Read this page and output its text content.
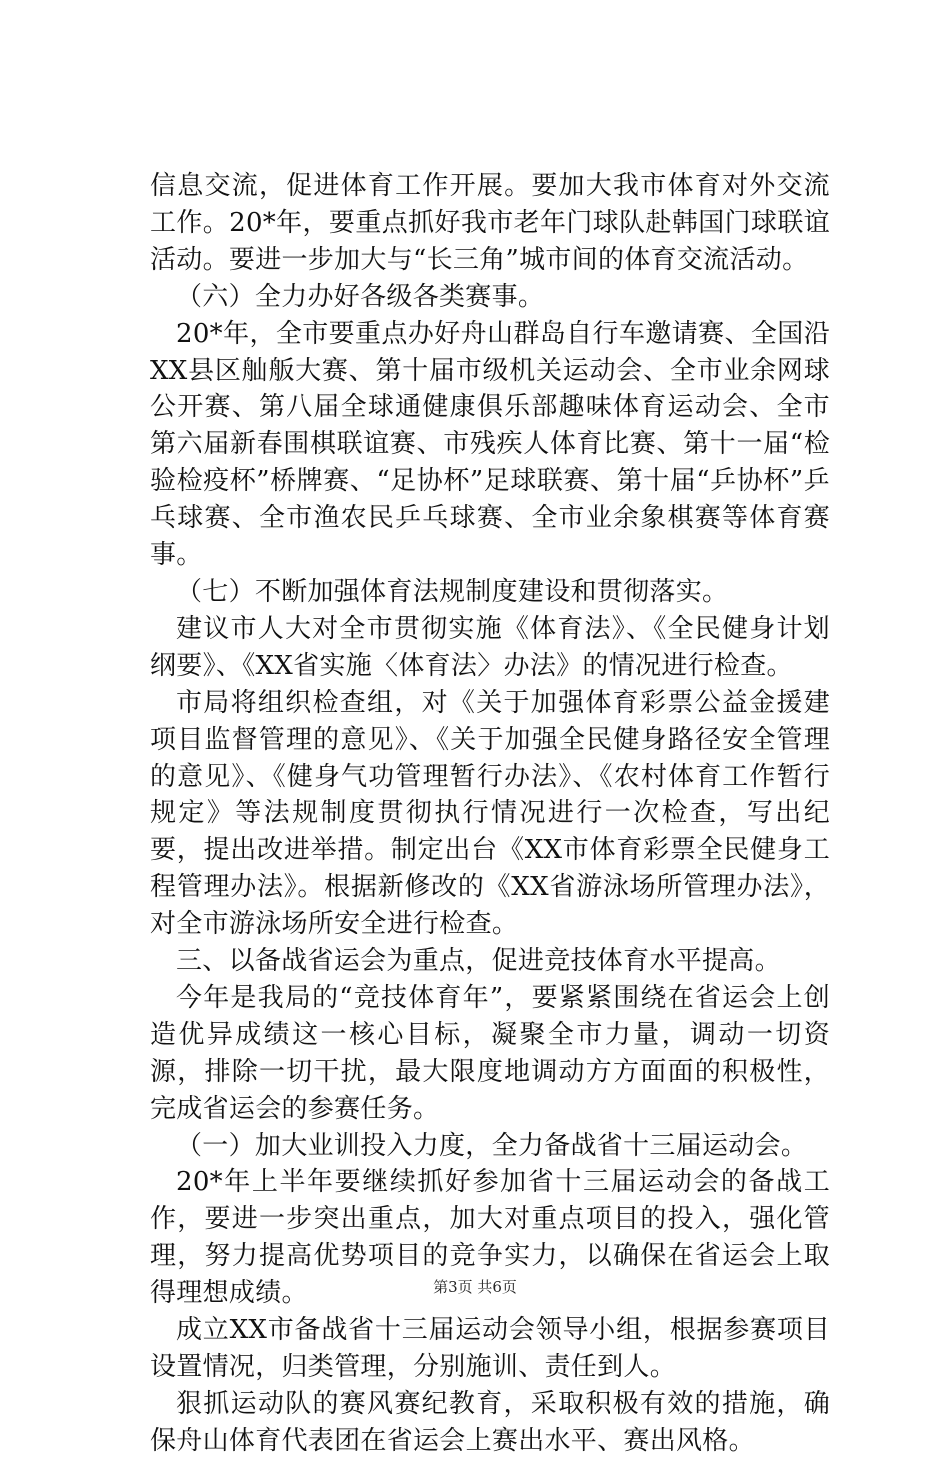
信息交流，促进体育工作开展。要加大我市体育对外交流工作。20*年，要重点抓好我市老年门球队赴韩国门球联谊活动。要进一步加大与“长三角”城市间的体育交流活动。

（六）全力办好各级各类赛事。

20*年，全市要重点办好舟山群岛自行车邀请赛、全国沿XX县区舢舨大赛、第十届市级机关运动会、全市业余网球公开赛、第八届全球通健康俱乐部趣味体育运动会、全市第六届新春围棋联谊赛、市残疾人体育比赛、第十一届“检验检疫杯”桥牌赛、“足协杯”足球联赛、第十届“乒协杯”乒乓球赛、全市渔农民乒乓球赛、全市业余象棋赛等体育赛事。

（七）不断加强体育法规制度建设和贯彻落实。

建议市人大对全市贯彻实施《体育法》、《全民健身计划纲要》、《XX省实施〈体育法〉办法》的情况进行检查。

市局将组织检查组，对《关于加强体育彩票公益金援建项目监督管理的意见》、《关于加强全民健身路径安全管理的意见》、《健身气功管理暂行办法》、《农村体育工作暂行规定》等法规制度贯彻执行情况进行一次检查，写出纪要，提出改进举措。制定出台《XX市体育彩票全民健身工程管理办法》。根据新修改的《XX省游泳场所管理办法》，对全市游泳场所安全进行检查。

三、以备战省运会为重点，促进竞技体育水平提高。

今年是我局的“竞技体育年”，要紧紧围绕在省运会上创造优异成绩这一核心目标，凝聚全市力量，调动一切资源，排除一切干扰，最大限度地调动方方面面的积极性，完成省运会的参赛任务。

（一）加大业训投入力度，全力备战省十三届运动会。

20*年上半年要继续抓好参加省十三届运动会的备战工作，要进一步突出重点，加大对重点项目的投入，强化管理，努力提高优势项目的竞争实力，以确保在省运会上取得理想成绩。

成立XX市备战省十三届运动会领导小组，根据参赛项目设置情况，归类管理，分别施训、责任到人。

狠抓运动队的赛风赛纪教育，采取积极有效的措施，确保舟山体育代表团在省运会上赛出水平、赛出风格。

第3页 共6页
